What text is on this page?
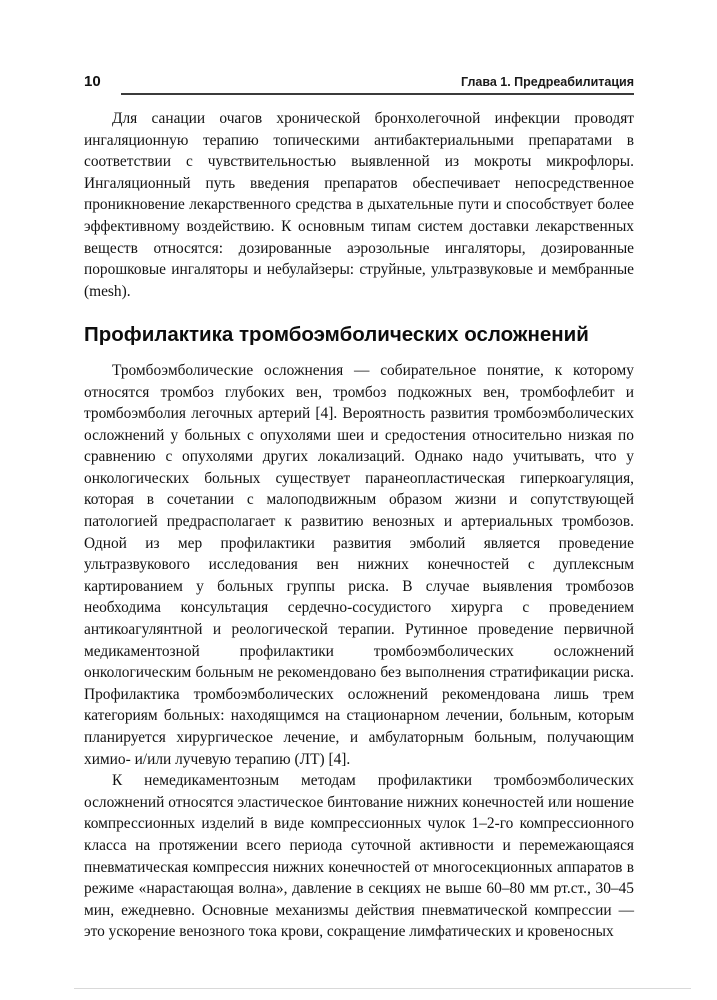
10	Глава 1. Предреабилитация

Для санации очагов хронической бронхолегочной инфекции проводят ингаляционную терапию топическими антибактериальными препаратами в соответствии с чувствительностью выявленной из мокроты микрофлоры. Ингаляционный путь введения препаратов обеспечивает непосредственное проникновение лекарственного средства в дыхательные пути и способствует более эффективному воздействию. К основным типам систем доставки лекарственных веществ относятся: дозированные аэрозольные ингаляторы, дозированные порошковые ингаляторы и небулайзеры: струйные, ультразвуковые и мембранные (mesh).

Профилактика тромбоэмболических осложнений

Тромбоэмболические осложнения — собирательное понятие, к которому относятся тромбоз глубоких вен, тромбоз подкожных вен, тромбофлебит и тромбоэмболия легочных артерий [4]. Вероятность развития тромбоэмболических осложнений у больных с опухолями шеи и средостения относительно низкая по сравнению с опухолями других локализаций. Однако надо учитывать, что у онкологических больных существует паранеопластическая гиперкоагуляция, которая в сочетании с малоподвижным образом жизни и сопутствующей патологией предрасполагает к развитию венозных и артериальных тромбозов. Одной из мер профилактики развития эмболий является проведение ультразвукового исследования вен нижних конечностей с дуплексным картированием у больных группы риска. В случае выявления тромбозов необходима консультация сердечно-сосудистого хирурга с проведением антикоагулянтной и реологической терапии. Рутинное проведение первичной медикаментозной профилактики тромбоэмболических осложнений онкологическим больным не рекомендовано без выполнения стратификации риска. Профилактика тромбоэмболических осложнений рекомендована лишь трем категориям больных: находящимся на стационарном лечении, больным, которым планируется хирургическое лечение, и амбулаторным больным, получающим химио- и/или лучевую терапию (ЛТ) [4].

К немедикаментозным методам профилактики тромбоэмболических осложнений относятся эластическое бинтование нижних конечностей или ношение компрессионных изделий в виде компрессионных чулок 1–2-го компрессионного класса на протяжении всего периода суточной активности и перемежающаяся пневматическая компрессия нижних конечностей от многосекционных аппаратов в режиме «нарастающая волна», давление в секциях не выше 60–80 мм рт.ст., 30–45 мин, ежедневно. Основные механизмы действия пневматической компрессии — это ускорение венозного тока крови, сокращение лимфатических и кровеносных
